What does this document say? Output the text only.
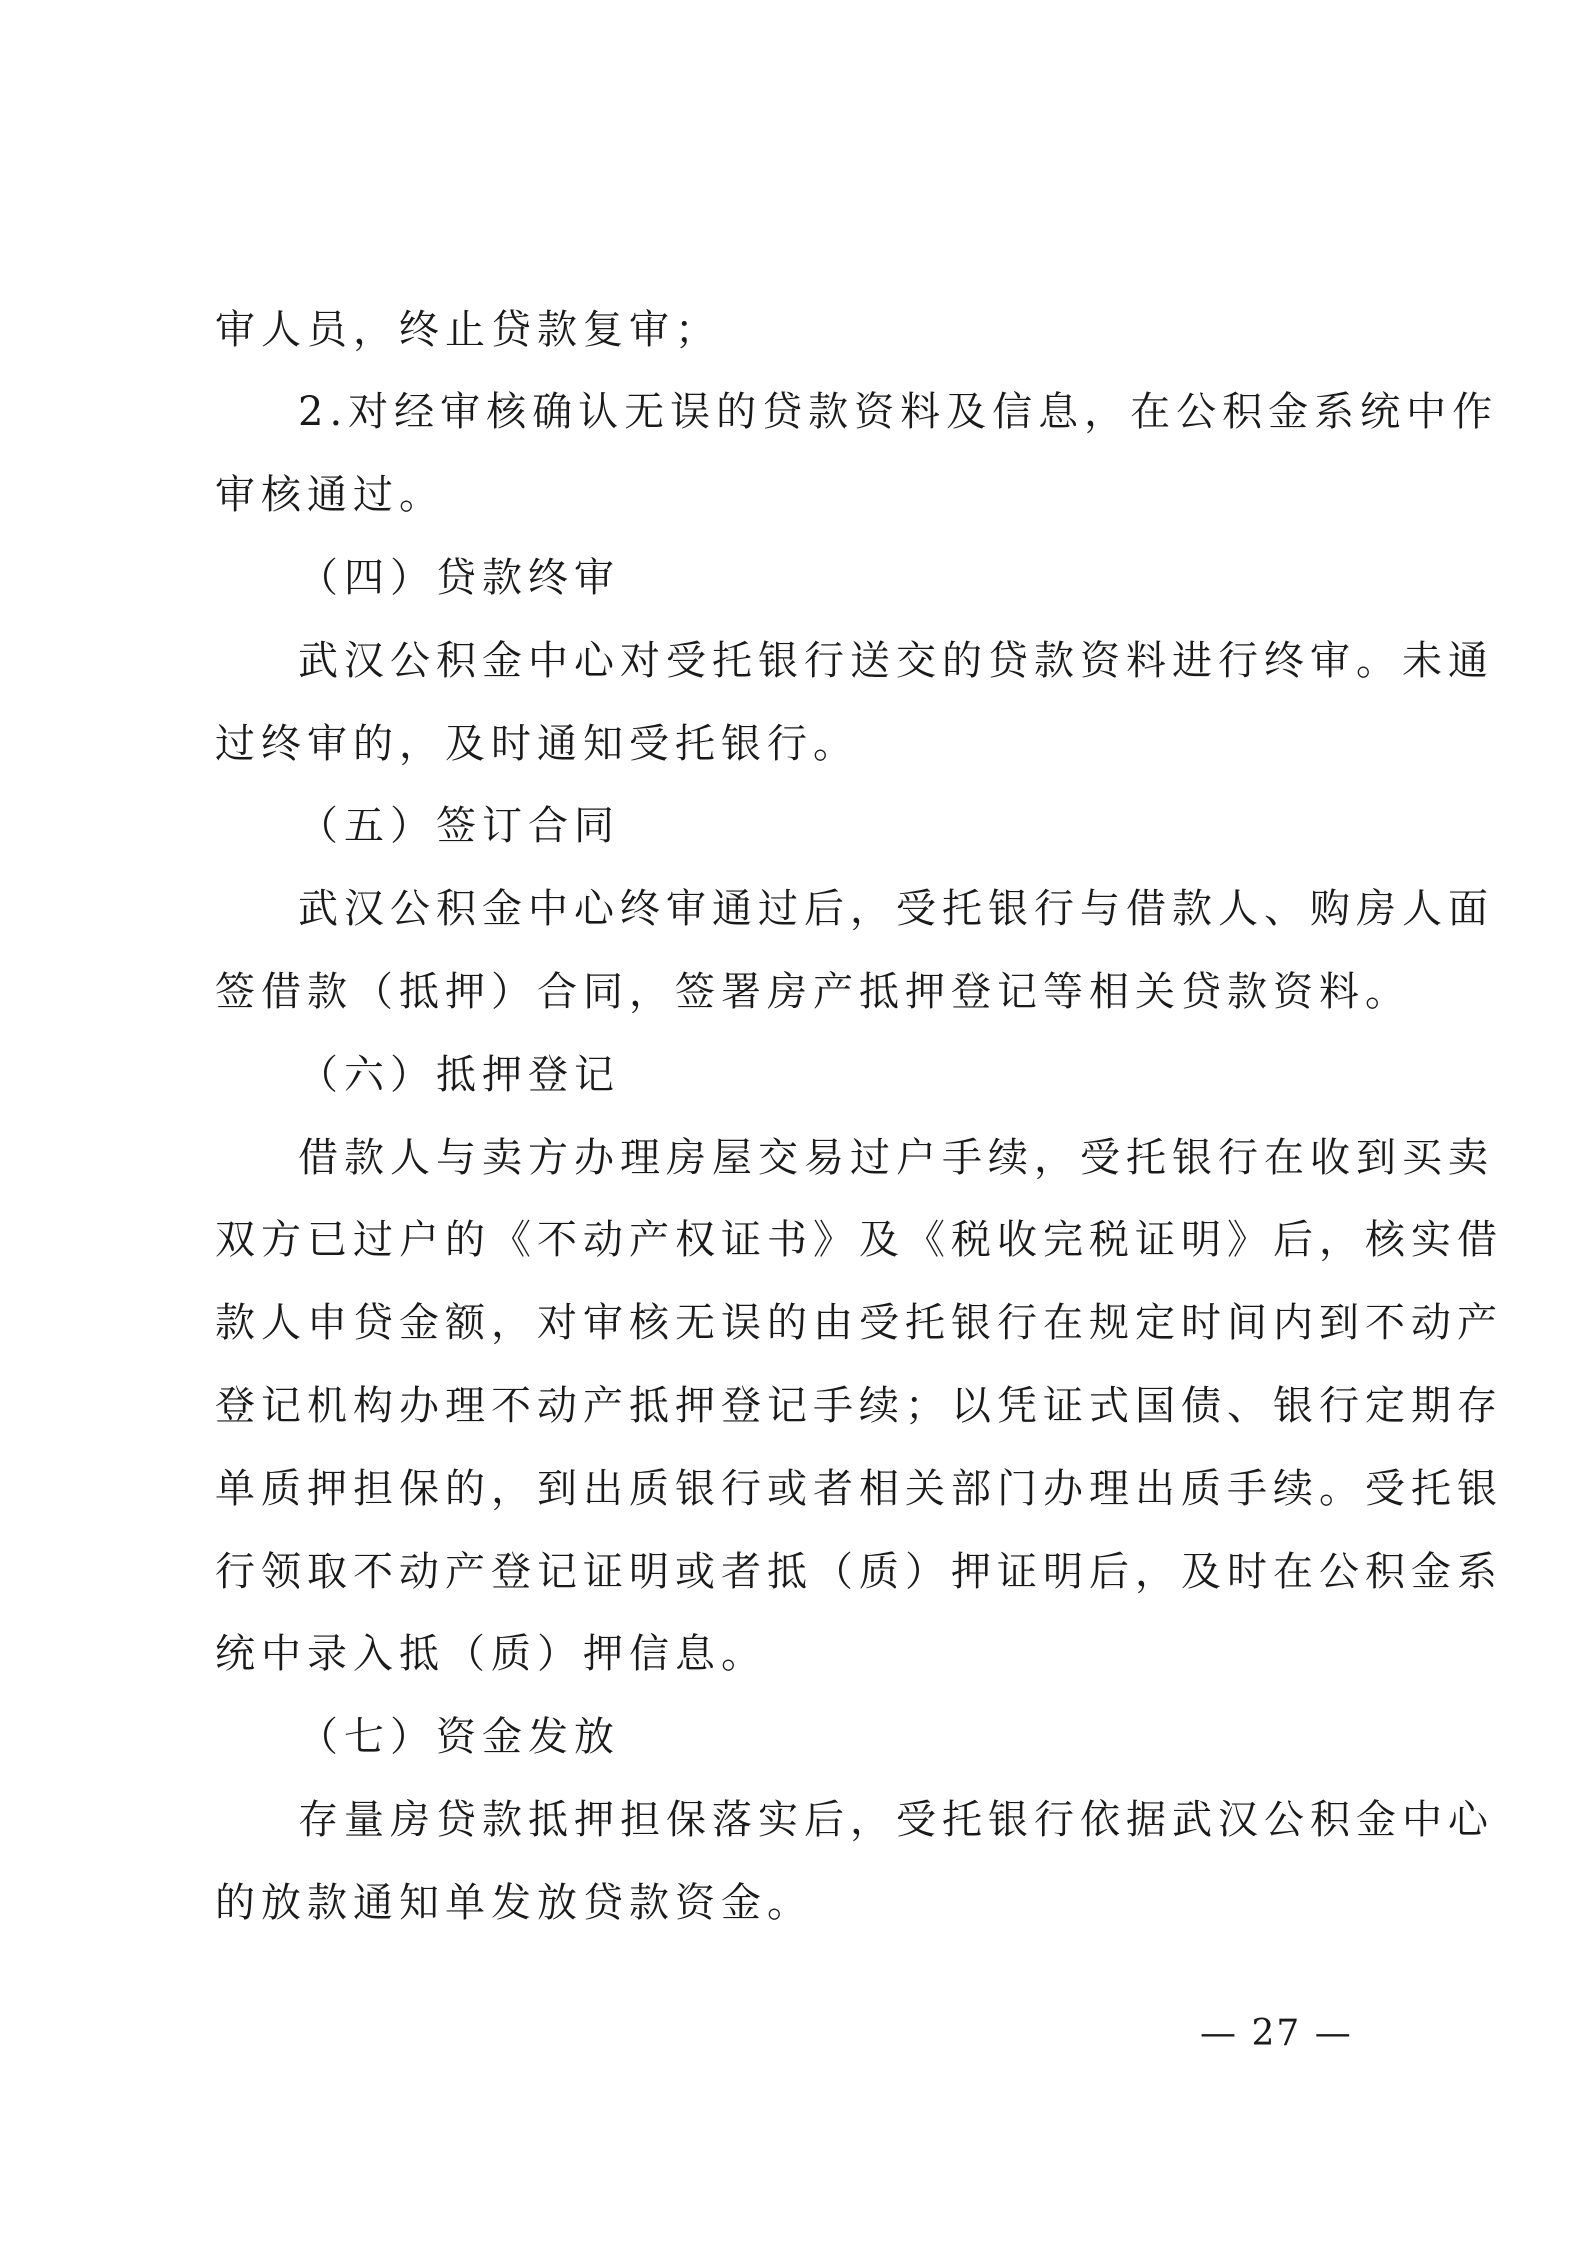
审人员，终止贷款复审；
2.对经审核确认无误的贷款资料及信息，在公积金系统中作
审核通过。
（四）贷款终审
武汉公积金中心对受托银行送交的贷款资料进行终审。未通
过终审的，及时通知受托银行。
（五）签订合同
武汉公积金中心终审通过后，受托银行与借款人、购房人面
签借款（抵押）合同，签署房产抵押登记等相关贷款资料。
（六）抵押登记
借款人与卖方办理房屋交易过户手续，受托银行在收到买卖
双方已过户的《不动产权证书》及《税收完税证明》后，核实借
款人申贷金额，对审核无误的由受托银行在规定时间内到不动产
登记机构办理不动产抵押登记手续；以凭证式国债、银行定期存
单质押担保的，到出质银行或者相关部门办理出质手续。受托银
行领取不动产登记证明或者抵（质）押证明后，及时在公积金系
统中录入抵（质）押信息。
（七）资金发放
存量房贷款抵押担保落实后，受托银行依据武汉公积金中心
的放款通知单发放贷款资金。
— 27 —
